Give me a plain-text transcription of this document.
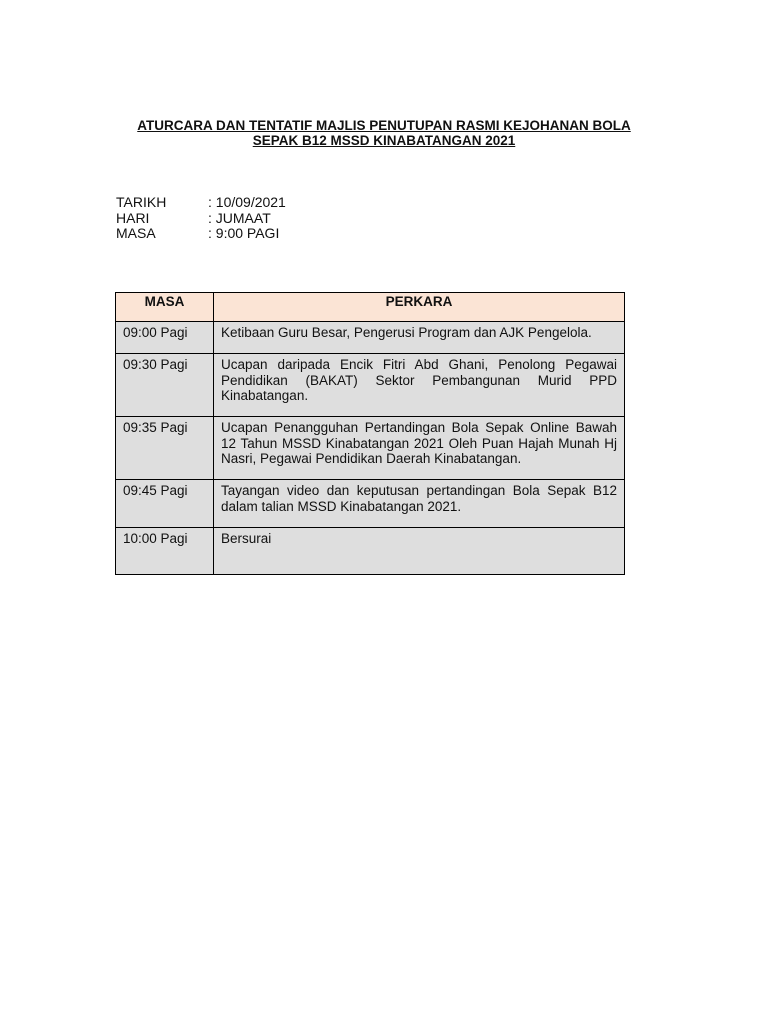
ATURCARA DAN TENTATIF MAJLIS PENUTUPAN RASMI KEJOHANAN BOLA
SEPAK B12 MSSD KINABATANGAN 2021
TARIKH	: 10/09/2021
HARI	: JUMAAT
MASA	: 9:00 PAGI
MASA	PERKARA
09:00 Pagi	Ketibaan Guru Besar, Pengerusi Program dan AJK Pengelola.
09:30 Pagi	Ucapan daripada Encik Fitri Abd Ghani, Penolong Pegawai Pendidikan (BAKAT) Sektor Pembangunan Murid PPD Kinabatangan.
09:35 Pagi	Ucapan Penangguhan Pertandingan Bola Sepak Online Bawah 12 Tahun MSSD Kinabatangan 2021 Oleh Puan Hajah Munah Hj Nasri, Pegawai Pendidikan Daerah Kinabatangan.
09:45 Pagi	Tayangan video dan keputusan pertandingan Bola Sepak B12 dalam talian MSSD Kinabatangan 2021.
10:00 Pagi	Bersurai
